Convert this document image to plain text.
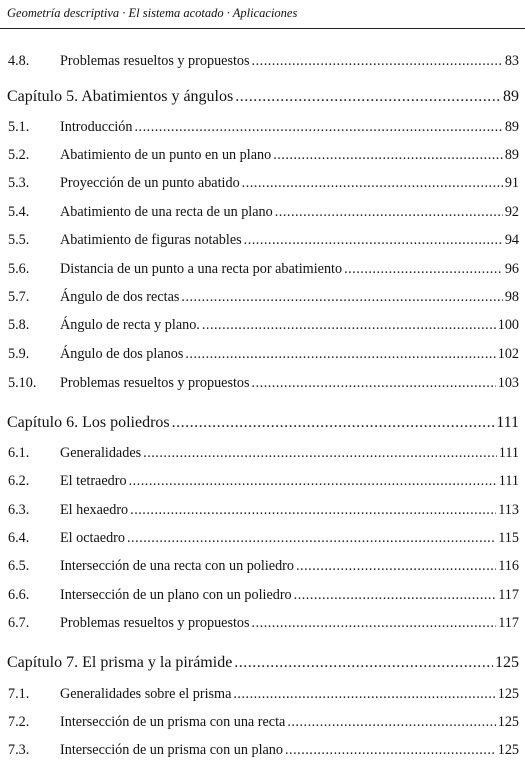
Geometría descriptiva · El sistema acotado · Aplicaciones
4.8. Problemas resueltos y propuestos .....	83
Capítulo 5. Abatimientos y ángulos .....	89
5.1. Introducción .....	89
5.2. Abatimiento de un punto en un plano .....	89
5.3. Proyección de un punto abatido .....	91
5.4. Abatimiento de una recta de un plano .....	92
5.5. Abatimiento de figuras notables .....	94
5.6. Distancia de un punto a una recta por abatimiento .....	96
5.7. Ángulo de dos rectas .....	98
5.8. Ángulo de recta y plano. .....	100
5.9. Ángulo de dos planos .....	102
5.10. Problemas resueltos y propuestos .....	103
Capítulo 6. Los poliedros .....	111
6.1. Generalidades .....	111
6.2. El tetraedro .....	111
6.3. El hexaedro .....	113
6.4. El octaedro .....	115
6.5. Intersección de una recta con un poliedro .....	116
6.6. Intersección de un plano con un poliedro .....	117
6.7. Problemas resueltos y propuestos .....	117
Capítulo 7. El prisma y la pirámide .....	125
7.1. Generalidades sobre el prisma .....	125
7.2. Intersección de un prisma con una recta .....	125
7.3. Intersección de un prisma con un plano .....	125
